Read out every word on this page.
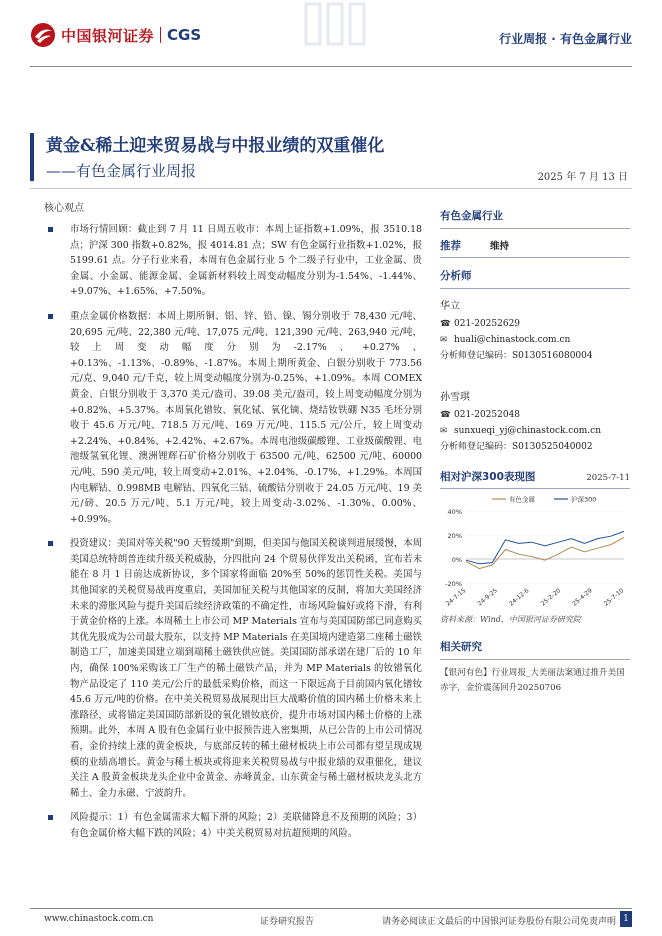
中国银河证券 CGS	行业周报 · 有色金属行业
黄金&稀土迎来贸易战与中报业绩的双重催化
——有色金属行业周报	2025 年 7 月 13 日
核心观点
市场行情回顾：截止到 7 月 11 日周五收市：本周上证指数+1.09%，报 3510.18 点；沪深 300 指数+0.82%，报 4014.81 点；SW 有色金属行业指数+1.02%，报 5199.61 点。分子行业来看，本周有色金属行业 5 个二级子行业中，工业金属、贵金属、小金属、能源金属、金属新材料较上周变动幅度分别为-1.54%、-1.44%、+9.07%、+1.65%、+7.50%。
重点金属价格数据：本周上期所铜、铝、锌、铅、镍、锡分别收于 78,430 元/吨、20,695 元/吨、22,380 元/吨、17,075 元/吨、121,390 元/吨、263,940 元/吨，较上周变动幅度分别为-2.17%、+0.27%、+0.13%、-1.13%、-0.89%、-1.87%。本周上期所黄金、白银分别收于 773.56 元/克、9,040 元/千克，较上周变动幅度分别为-0.25%、+1.09%。本周 COMEX 黄金、白银分别收于 3,370 美元/盎司、39.08 美元/盎司，较上周变动幅度分别为+0.82%、+5.37%。本周氧化镨钕、氧化铽、氧化镝、烧结钕铁硼 N35 毛坯分别收于 45.6 万元/吨、718.5 万元/吨、169 万元/吨、115.5 元/公斤，较上周变动+2.24%、+0.84%、+2.42%、+2.67%。本周电池级碳酸锂、工业级碳酸锂、电池级氢氧化锂、澳洲锂辉石矿价格分别收于 63500 元/吨、62500 元/吨、60000 元/吨、590 美元/吨，较上周变动+2.01%、+2.04%、-0.17%、+1.29%。本周国内电解钴、0.998MB 电解钴、四氧化三钴、硫酸钴分别收于 24.05 万元/吨、19 美元/磅、20.5 万元/吨、5.1 万元/吨，较上周变动-3.02%、-1.30%、0.00%、+0.99%。
投资建议：美国对等关税"90 天暂缓期"到期，但美国与他国关税谈判进展缓慢，本周美国总统特朗普连续升级关税威胁，分四批向 24 个贸易伙伴发出关税函，宣布若未能在 8 月 1 日前达成新协议，多个国家将面临 20%至 50%的惩罚性关税。美国与其他国家的关税贸易战再度重启，美国加征关税与其他国家的反制，将加大美国经济未来的滞胀风险与提升美国后续经济政策的不确定性，市场风险偏好或将下滑，有利于黄金价格的上涨。本周稀土上市公司 MP Materials 宣布与美国国防部已同意购买其优先股成为公司最大股东，以支持 MP Materials 在美国境内建造第二座稀土磁铁制造工厂，加速美国建立端到端稀土磁铁供应链。美国国防部承诺在建厂后的 10 年内，确保 100%采购该工厂生产的稀土磁铁产品，并为 MP Materials 的钕镨氧化物产品设定了 110 美元/公斤的最低采购价格，而这一下限远高于目前国内氧化镨钕 45.6 万元/吨的价格。在中美关税贸易战展现出巨大战略价值的国内稀土价格未来上涨路径，或将锚定美国国防部新设的氧化镨钕底价，提升市场对国内稀土价格的上涨预期。此外，本周 A 股有色金属行业中报预告进入密集期，从已公告的上市公司情况看，金价持续上涨的黄金板块，与底部反转的稀土磁材板块上市公司都有望呈现成规模的业绩高增长。黄金与稀土板块或将迎来关税贸易战与中报业绩的双重催化，建议关注 A 股黄金板块龙头企业中金黄金、赤峰黄金、山东黄金与稀土磁材板块龙头北方稀土、金力永磁、宁波韵升。
风险提示：1）有色金属需求大幅下滑的风险；2）美联储降息不及预期的风险；3）有色金属价格大幅下跌的风险；4）中美关税贸易对抗超预期的风险。
有色金属行业
推荐	维持
分析师
华立
☎ 021-20252629
✉ huali@chinastock.com.cn
分析师登记编码：S0130516080004
孙雪琪
☎ 021-20252048
✉ sunxueqi_yj@chinastock.com.cn
分析师登记编码：S0130525040002
相对沪深300表现图	2025-7-11
-20%
0%
20%
40%
有色金属	沪深300
24-7-15 24-9-25 24-12-6 25-2-20 25-4-29 25-7-10
资料来源：Wind，中国银河证券研究院
相关研究
【银河有色】行业周报_大美丽法案通过推升美国赤字，金价震荡回升20250706
www.chinastock.com.cn	证券研究报告	请务必阅读正文最后的中国银河证券股份有限公司免责声明 1
